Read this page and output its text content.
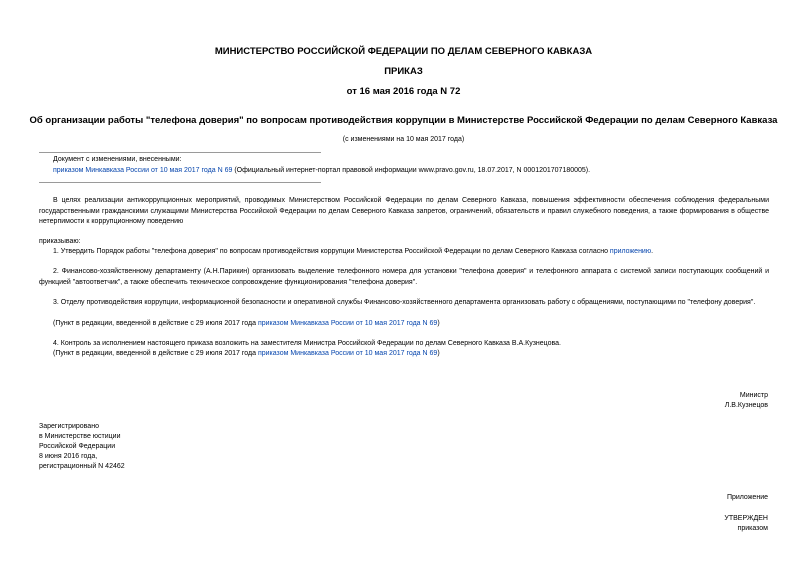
МИНИСТЕРСТВО РОССИЙСКОЙ ФЕДЕРАЦИИ ПО ДЕЛАМ СЕВЕРНОГО КАВКАЗА
ПРИКАЗ
от 16 мая 2016 года N 72
Об организации работы "телефона доверия" по вопросам противодействия коррупции в Министерстве Российской Федерации по делам Северного Кавказа
(с изменениями на 10 мая 2017 года)
Документ с изменениями, внесенными:
приказом Минкавказа России от 10 мая 2017 года N 69 (Официальный интернет-портал правовой информации www.pravo.gov.ru, 18.07.2017, N 0001201707180005).
В целях реализации антикоррупционных мероприятий, проводимых Министерством Российской Федерации по делам Северного Кавказа, повышения эффективности обеспечения соблюдения федеральными государственными гражданскими служащими Министерства Российской Федерации по делам Северного Кавказа запретов, ограничений, обязательств и правил служебного поведения, а также формирования в обществе нетерпимости к коррупционному поведению
приказываю:
1. Утвердить Порядок работы "телефона доверия" по вопросам противодействия коррупции Министерства Российской Федерации по делам Северного Кавказа согласно приложению.
2. Финансово-хозяйственному департаменту (А.Н.Парикин) организовать выделение телефонного номера для установки "телефона доверия" и телефонного аппарата с системой записи поступающих сообщений и функцией "автоответчик", а также обеспечить техническое сопровождение функционирования "телефона доверия".
3. Отделу противодействия коррупции, информационной безопасности и оперативной службы Финансово-хозяйственного департамента организовать работу с обращениями, поступающими по "телефону доверия".
(Пункт в редакции, введенной в действие с 29 июля 2017 года приказом Минкавказа России от 10 мая 2017 года N 69)
4. Контроль за исполнением настоящего приказа возложить на заместителя Министра Российской Федерации по делам Северного Кавказа В.А.Кузнецова.
(Пункт в редакции, введенной в действие с 29 июля 2017 года приказом Минкавказа России от 10 мая 2017 года N 69)
Министр
Л.В.Кузнецов
Зарегистрировано
в Министерстве юстиции
Российской Федерации
8 июня 2016 года,
регистрационный N 42462
Приложение
УТВЕРЖДЕН
приказом
